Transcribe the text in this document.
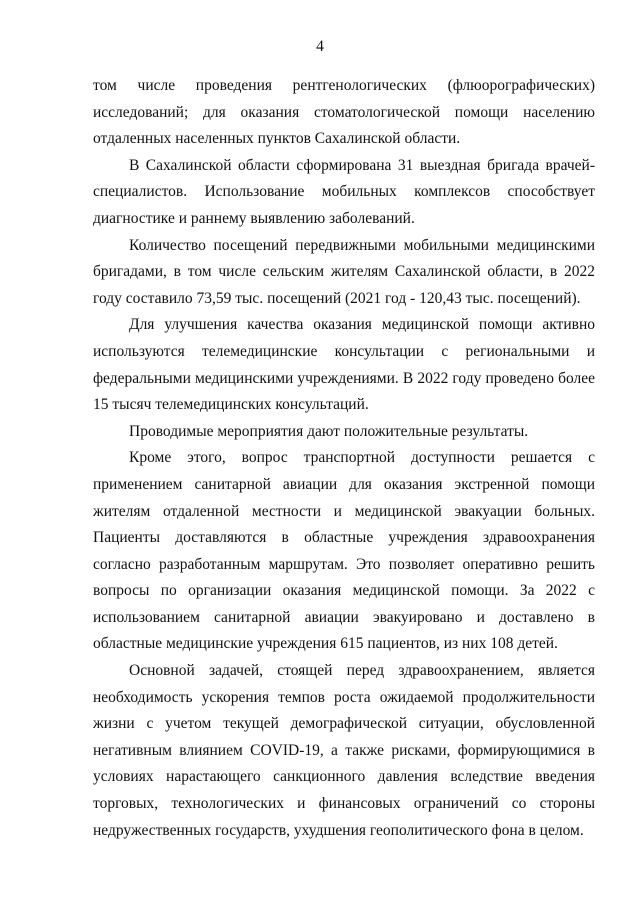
4

том числе проведения рентгенологических (флюорографических) исследований; для оказания стоматологической помощи населению отдаленных населенных пунктов Сахалинской области.

В Сахалинской области сформирована 31 выездная бригада врачей-специалистов. Использование мобильных комплексов способствует диагностике и раннему выявлению заболеваний.

Количество посещений передвижными мобильными медицинскими бригадами, в том числе сельским жителям Сахалинской области, в 2022 году составило 73,59 тыс. посещений (2021 год - 120,43 тыс. посещений).

Для улучшения качества оказания медицинской помощи активно используются телемедицинские консультации с региональными и федеральными медицинскими учреждениями. В 2022 году проведено более 15 тысяч телемедицинских консультаций.

Проводимые мероприятия дают положительные результаты.

Кроме этого, вопрос транспортной доступности решается с применением санитарной авиации для оказания экстренной помощи жителям отдаленной местности и медицинской эвакуации больных. Пациенты доставляются в областные учреждения здравоохранения согласно разработанным маршрутам. Это позволяет оперативно решить вопросы по организации оказания медицинской помощи. За 2022 с использованием санитарной авиации эвакуировано и доставлено в областные медицинские учреждения 615 пациентов, из них 108 детей.

Основной задачей, стоящей перед здравоохранением, является необходимость ускорения темпов роста ожидаемой продолжительности жизни с учетом текущей демографической ситуации, обусловленной негативным влиянием COVID-19, а также рисками, формирующимися в условиях нарастающего санкционного давления вследствие введения торговых, технологических и финансовых ограничений со стороны недружественных государств, ухудшения геополитического фона в целом.
